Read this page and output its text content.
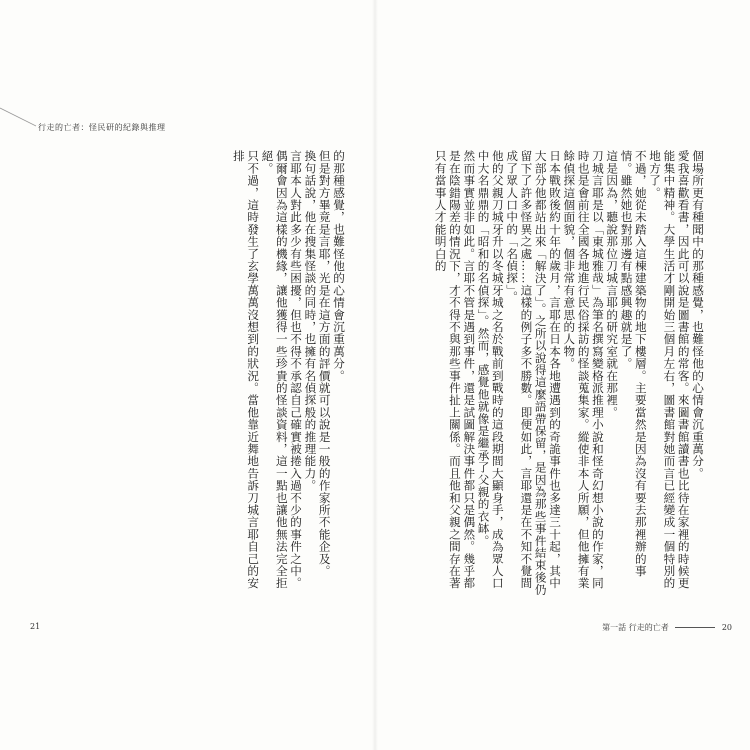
行走的亡者：怪民研的紀錄與推理

的那種感覺，也難怪他的心情會沉重萬分。

但是對方畢竟是言耶，光是在這方面的評價就可以說是一般的作家所不能企及。

換句話說，他在搜集怪談的同時，也擁有名偵探般的推理能力。

言耶本人對此多少有些困擾，但也不得不承認自己確實被捲入過不少的事件之中。

偶爾會因為這樣的機緣，讓他獲得一些珍貴的怪談資料，這一點也讓他無法完全拒絕。

只不過，這時發生了玄學萬萬沒想到的狀況。當他靠近舞地告訴刀城言耶自己的安排

21

個場所更有種聞中的那種感覺，也難怪他的心情會沉重萬分。

愛我喜歡看書，因此可以說是圖書館的常客。來圖書館讀書也比待在家裡的時候更能集中精神。大學生活才剛開始三個月左右，圖書館對她而言已經變成一個特別的地方了。

不過，她從未踏入這棟建築物的地下樓層。主要當然是因為沒有要去那裡辦的事情。雖然她也對那邊有點感興趣就是了。

這是因為，聽說那位刀城言耶的研究室就在那裡。

刀城言耶是以「東城雅哉」為筆名撰寫變格派推理小說和怪奇幻想小說的作家，同時也是會前往全國各地進行民俗採訪的怪談蒐集家。縱使非本人所願，但他擁有業餘偵探這個面貌，個非常有意思的人物。

日本戰敗後約十年的歲月，言耶在日本各地遭遇到的奇詭事件也多達三十起，其中大部分他都站出來「解決了」。之所以說得這麼語帶保留，是因為那些事件結束後仍留下了許多怪異之處……這樣的例子多不勝數。即便如此，言耶還是在不知不覺間成了眾人口中的「名偵探」。

他的父親刀城牙升以冬城牙城之名於戰前到戰時的這段期間大顯身手，成為眾人口中大名鼎鼎的「昭和的名偵探」。然而，感覺他就像是繼承了父親的衣缽。

然而事實並非如此。言耶不管是遇到事件，還是試圖解決事件都只是偶然。幾乎都是在陰錯陽差的情況下，才不得不與那些事件扯上關係。而且他和父親之間存在著只有當事人才能明白的

第一話 行走的亡者	20
